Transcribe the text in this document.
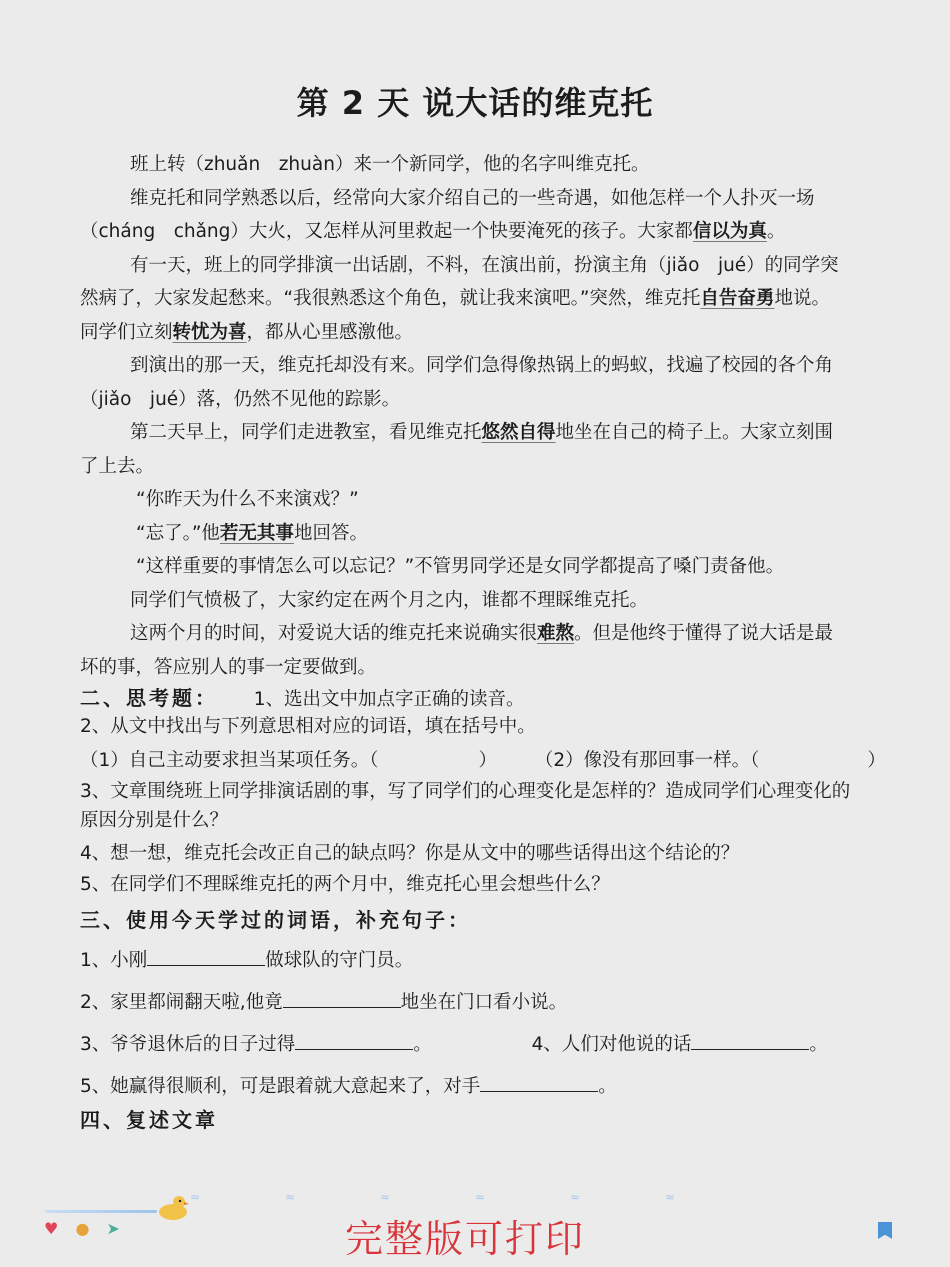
第 2 天 说大话的维克托
班上转（zhuǎn　zhuàn）来一个新同学，他的名字叫维克托。
维克托和同学熟悉以后，经常向大家介绍自己的一些奇遇，如他怎样一个人扑灭一场
（cháng　chǎng）大火，又怎样从河里救起一个快要淹死的孩子。大家都信以为真。
有一天，班上的同学排演一出话剧，不料，在演出前，扮演主角（jiǎo　jué）的同学突
然病了，大家发起愁来。“我很熟悉这个角色，就让我来演吧。”突然，维克托自告奋勇地说。
同学们立刻转忧为喜，都从心里感激他。
到演出的那一天，维克托却没有来。同学们急得像热锅上的蚂蚁，找遍了校园的各个角
（jiǎo　jué）落，仍然不见他的踪影。
第二天早上，同学们走进教室，看见维克托悠然自得地坐在自己的椅子上。大家立刻围
了上去。
“你昨天为什么不来演戏？”
“忘了。”他若无其事地回答。
“这样重要的事情怎么可以忘记？”不管男同学还是女同学都提高了嗓门责备他。
同学们气愤极了，大家约定在两个月之内，谁都不理睬维克托。
这两个月的时间，对爱说大话的维克托来说确实很难熬。但是他终于懂得了说大话是最
坏的事，答应别人的事一定要做到。
二、思考题： 1、选出文中加点字正确的读音。
2、从文中找出与下列意思相对应的词语，填在括号中。
（1）自己主动要求担当某项任务。（	） （2）像没有那回事一样。（	）
3、文章围绕班上同学排演话剧的事，写了同学们的心理变化是怎样的？造成同学们心理变化的
原因分别是什么？
4、想一想，维克托会改正自己的缺点吗？你是从文中的哪些话得出这个结论的？
5、在同学们不理睬维克托的两个月中，维克托心里会想些什么？
三、使用今天学过的词语，补充句子：
1、小刚	做球队的守门员。
2、家里都闹翻天啦,他竟	地坐在门口看小说。
3、爷爷退休后的日子过得	。	4、人们对他说的话	。
5、她赢得很顺利，可是跟着就大意起来了，对手	。
四、复述文章
≈	≈	≈	≈	≈	≈
♥ ● ➤	完整版可打印
